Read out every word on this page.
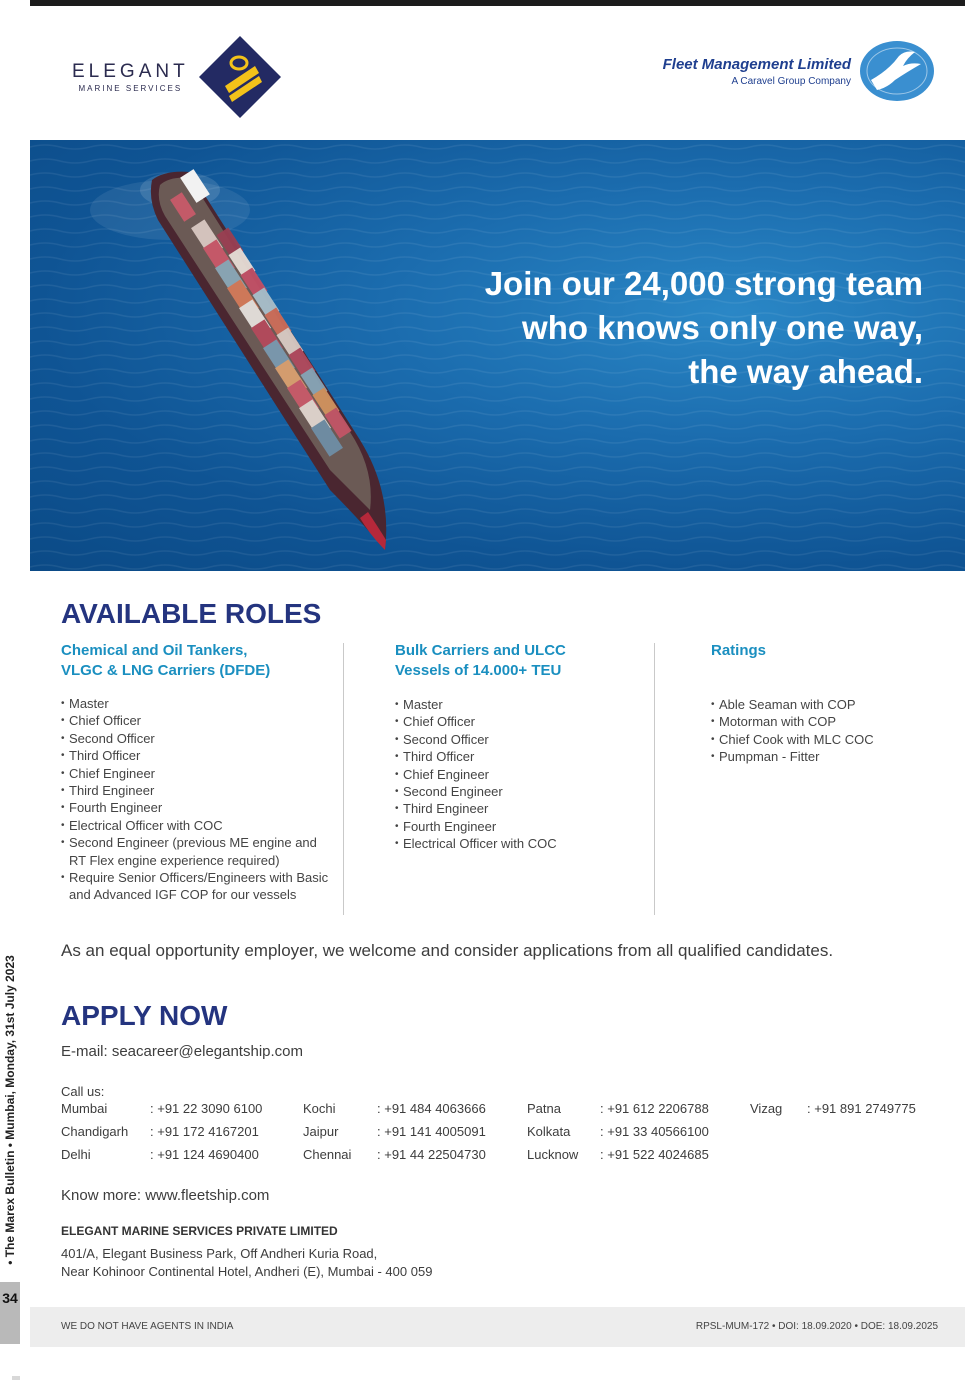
ELEGANT
MARINE SERVICES
Fleet Management Limited
A Caravel Group Company
Join our 24,000 strong team who knows only one way, the way ahead.
AVAILABLE ROLES
Chemical and Oil Tankers,
VLGC & LNG Carriers (DFDE)
• Master
• Chief Officer
• Second Officer
• Third Officer
• Chief Engineer
• Third Engineer
• Fourth Engineer
• Electrical Officer with COC
• Second Engineer (previous ME engine and RT Flex engine experience required)
• Require Senior Officers/Engineers with Basic and Advanced IGF COP for our vessels
Bulk Carriers and ULCC
Vessels of 14.000+ TEU
• Master
• Chief Officer
• Second Officer
• Third Officer
• Chief Engineer
• Second Engineer
• Third Engineer
• Fourth Engineer
• Electrical Officer with COC
Ratings
• Able Seaman with COP
• Motorman with COP
• Chief Cook with MLC COC
• Pumpman - Fitter
As an equal opportunity employer, we welcome and consider applications from all qualified candidates.
APPLY NOW
E-mail: seacareer@elegantship.com
Call us:
Mumbai	: +91 22 3090 6100	Kochi	: +91 484 4063666	Patna	: +91 612 2206788	Vizag : +91 891 2749775
Chandigarh : +91 172 4167201	Jaipur	: +91 141 4005091	Kolkata : +91 33 40566100
Delhi	: +91 124 4690400	Chennai : +91 44 22504730	Lucknow : +91 522 4024685
Know more: www.fleetship.com
ELEGANT MARINE SERVICES PRIVATE LIMITED
401/A, Elegant Business Park, Off Andheri Kuria Road,
Near Kohinoor Continental Hotel, Andheri (E), Mumbai - 400 059
WE DO NOT HAVE AGENTS IN INDIA	RPSL-MUM-172 • DOI: 18.09.2020 • DOE: 18.09.2025
• The Marex Bulletin • Mumbai, Monday, 31st July 2023
34
